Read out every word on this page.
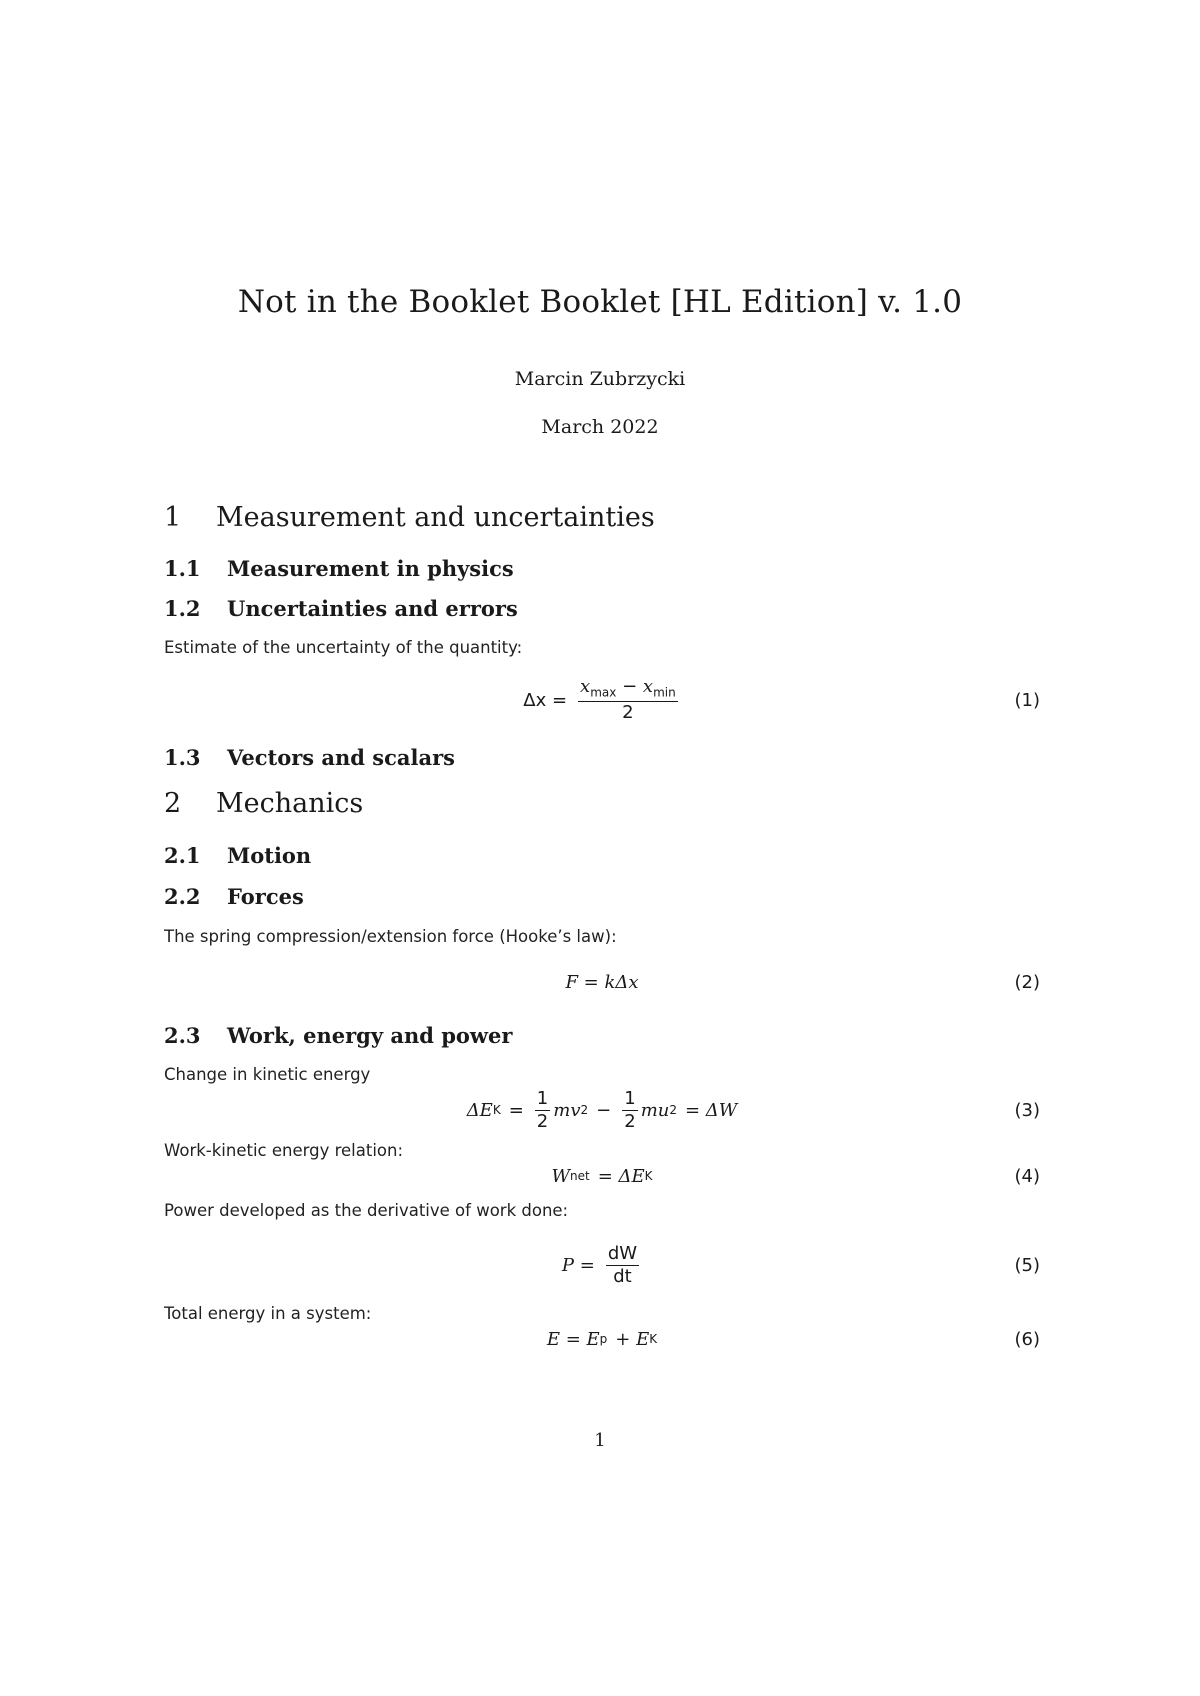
Not in the Booklet Booklet [HL Edition] v. 1.0
Marcin Zubrzycki
March 2022
1 Measurement and uncertainties
1.1 Measurement in physics
1.2 Uncertainties and errors
Estimate of the uncertainty of the quantity:
$\Delta x = \frac{x_{max} - x_{min}}{2}$	(1)
1.3 Vectors and scalars
2 Mechanics
2.1 Motion
2.2 Forces
The spring compression/extension force (Hooke’s law):
F = kΔx	(2)
2.3 Work, energy and power
Change in kinetic energy
ΔE $K = \frac{1}{2}$ mv $2 - \frac{1}{2}$ mu 2 = ΔW	(3)
Work-kinetic energy relation:
W net = ΔE K	(4)
Power developed as the derivative of work done:
$P = \frac{dW}{dt}$	(5)
Total energy in a system:
E = E p + E K	(6)
1
